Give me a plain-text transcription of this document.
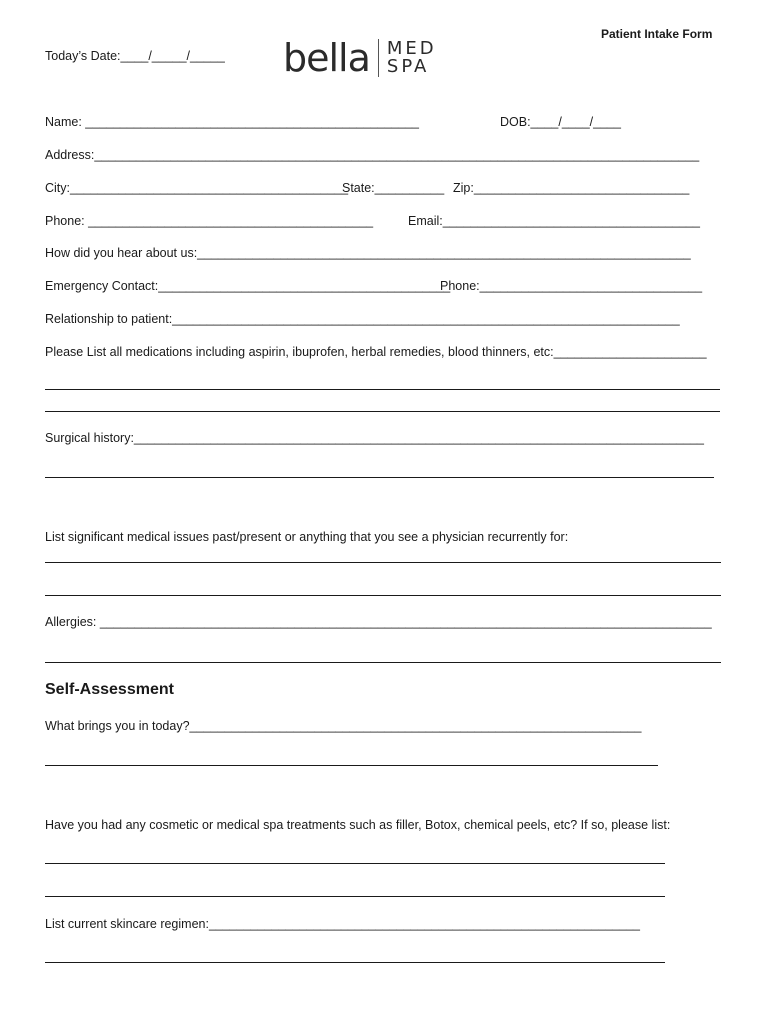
Patient Intake Form
Today’s Date:____/_____/_____ bella MED
SPA
Name: ________________________________________________	DOB:____/____/____
Address:_______________________________________________________________________________________
City:________________________________________
State:__________ Zip:_______________________________
Phone: _________________________________________	Email:_____________________________________
How did you hear about us:_______________________________________________________________________
Emergency Contact:__________________________________________
Phone:________________________________
Relationship to patient:_________________________________________________________________________
Please List all medications including aspirin, ibuprofen, herbal remedies, blood thinners, etc:______________________
Surgical history:__________________________________________________________________________________
List significant medical issues past/present or anything that you see a physician recurrently for:
Allergies: ________________________________________________________________________________________
Self-Assessment
What brings you in today?_________________________________________________________________
Have you had any cosmetic or medical spa treatments such as filler, Botox, chemical peels, etc? If so, please list:
List current skincare regimen:______________________________________________________________
